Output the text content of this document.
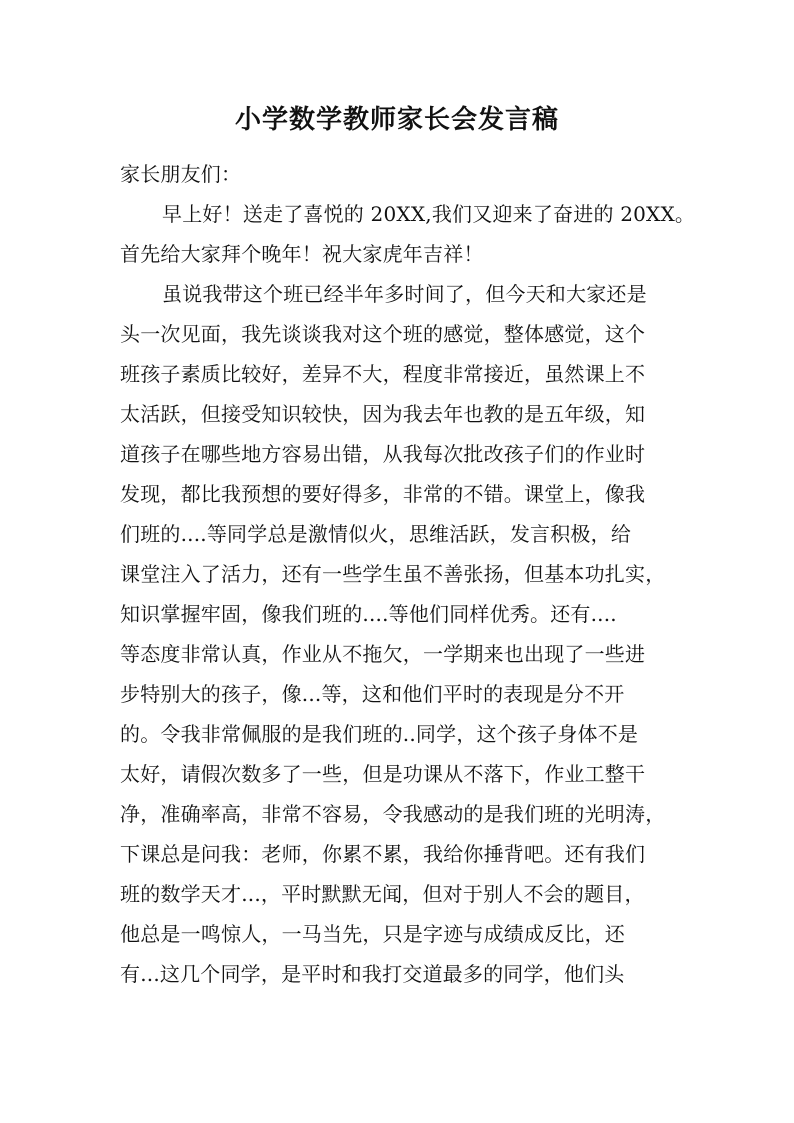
小学数学教师家长会发言稿
家长朋友们：
早上好！送走了喜悦的 20XX,我们又迎来了奋进的 20XX。
首先给大家拜个晚年！祝大家虎年吉祥！
虽说我带这个班已经半年多时间了，但今天和大家还是
头一次见面，我先谈谈我对这个班的感觉，整体感觉，这个
班孩子素质比较好，差异不大，程度非常接近，虽然课上不
太活跃，但接受知识较快，因为我去年也教的是五年级，知
道孩子在哪些地方容易出错，从我每次批改孩子们的作业时
发现，都比我预想的要好得多，非常的不错。课堂上，像我
们班的....等同学总是激情似火，思维活跃，发言积极，给
课堂注入了活力，还有一些学生虽不善张扬，但基本功扎实，
知识掌握牢固，像我们班的....等他们同样优秀。还有....
等态度非常认真，作业从不拖欠，一学期来也出现了一些进
步特别大的孩子，像...等，这和他们平时的表现是分不开
的。令我非常佩服的是我们班的..同学，这个孩子身体不是
太好，请假次数多了一些，但是功课从不落下，作业工整干
净，准确率高，非常不容易，令我感动的是我们班的光明涛，
下课总是问我：老师，你累不累，我给你捶背吧。还有我们
班的数学天才...，平时默默无闻，但对于别人不会的题目，
他总是一鸣惊人，一马当先，只是字迹与成绩成反比，还
有...这几个同学，是平时和我打交道最多的同学，他们头
